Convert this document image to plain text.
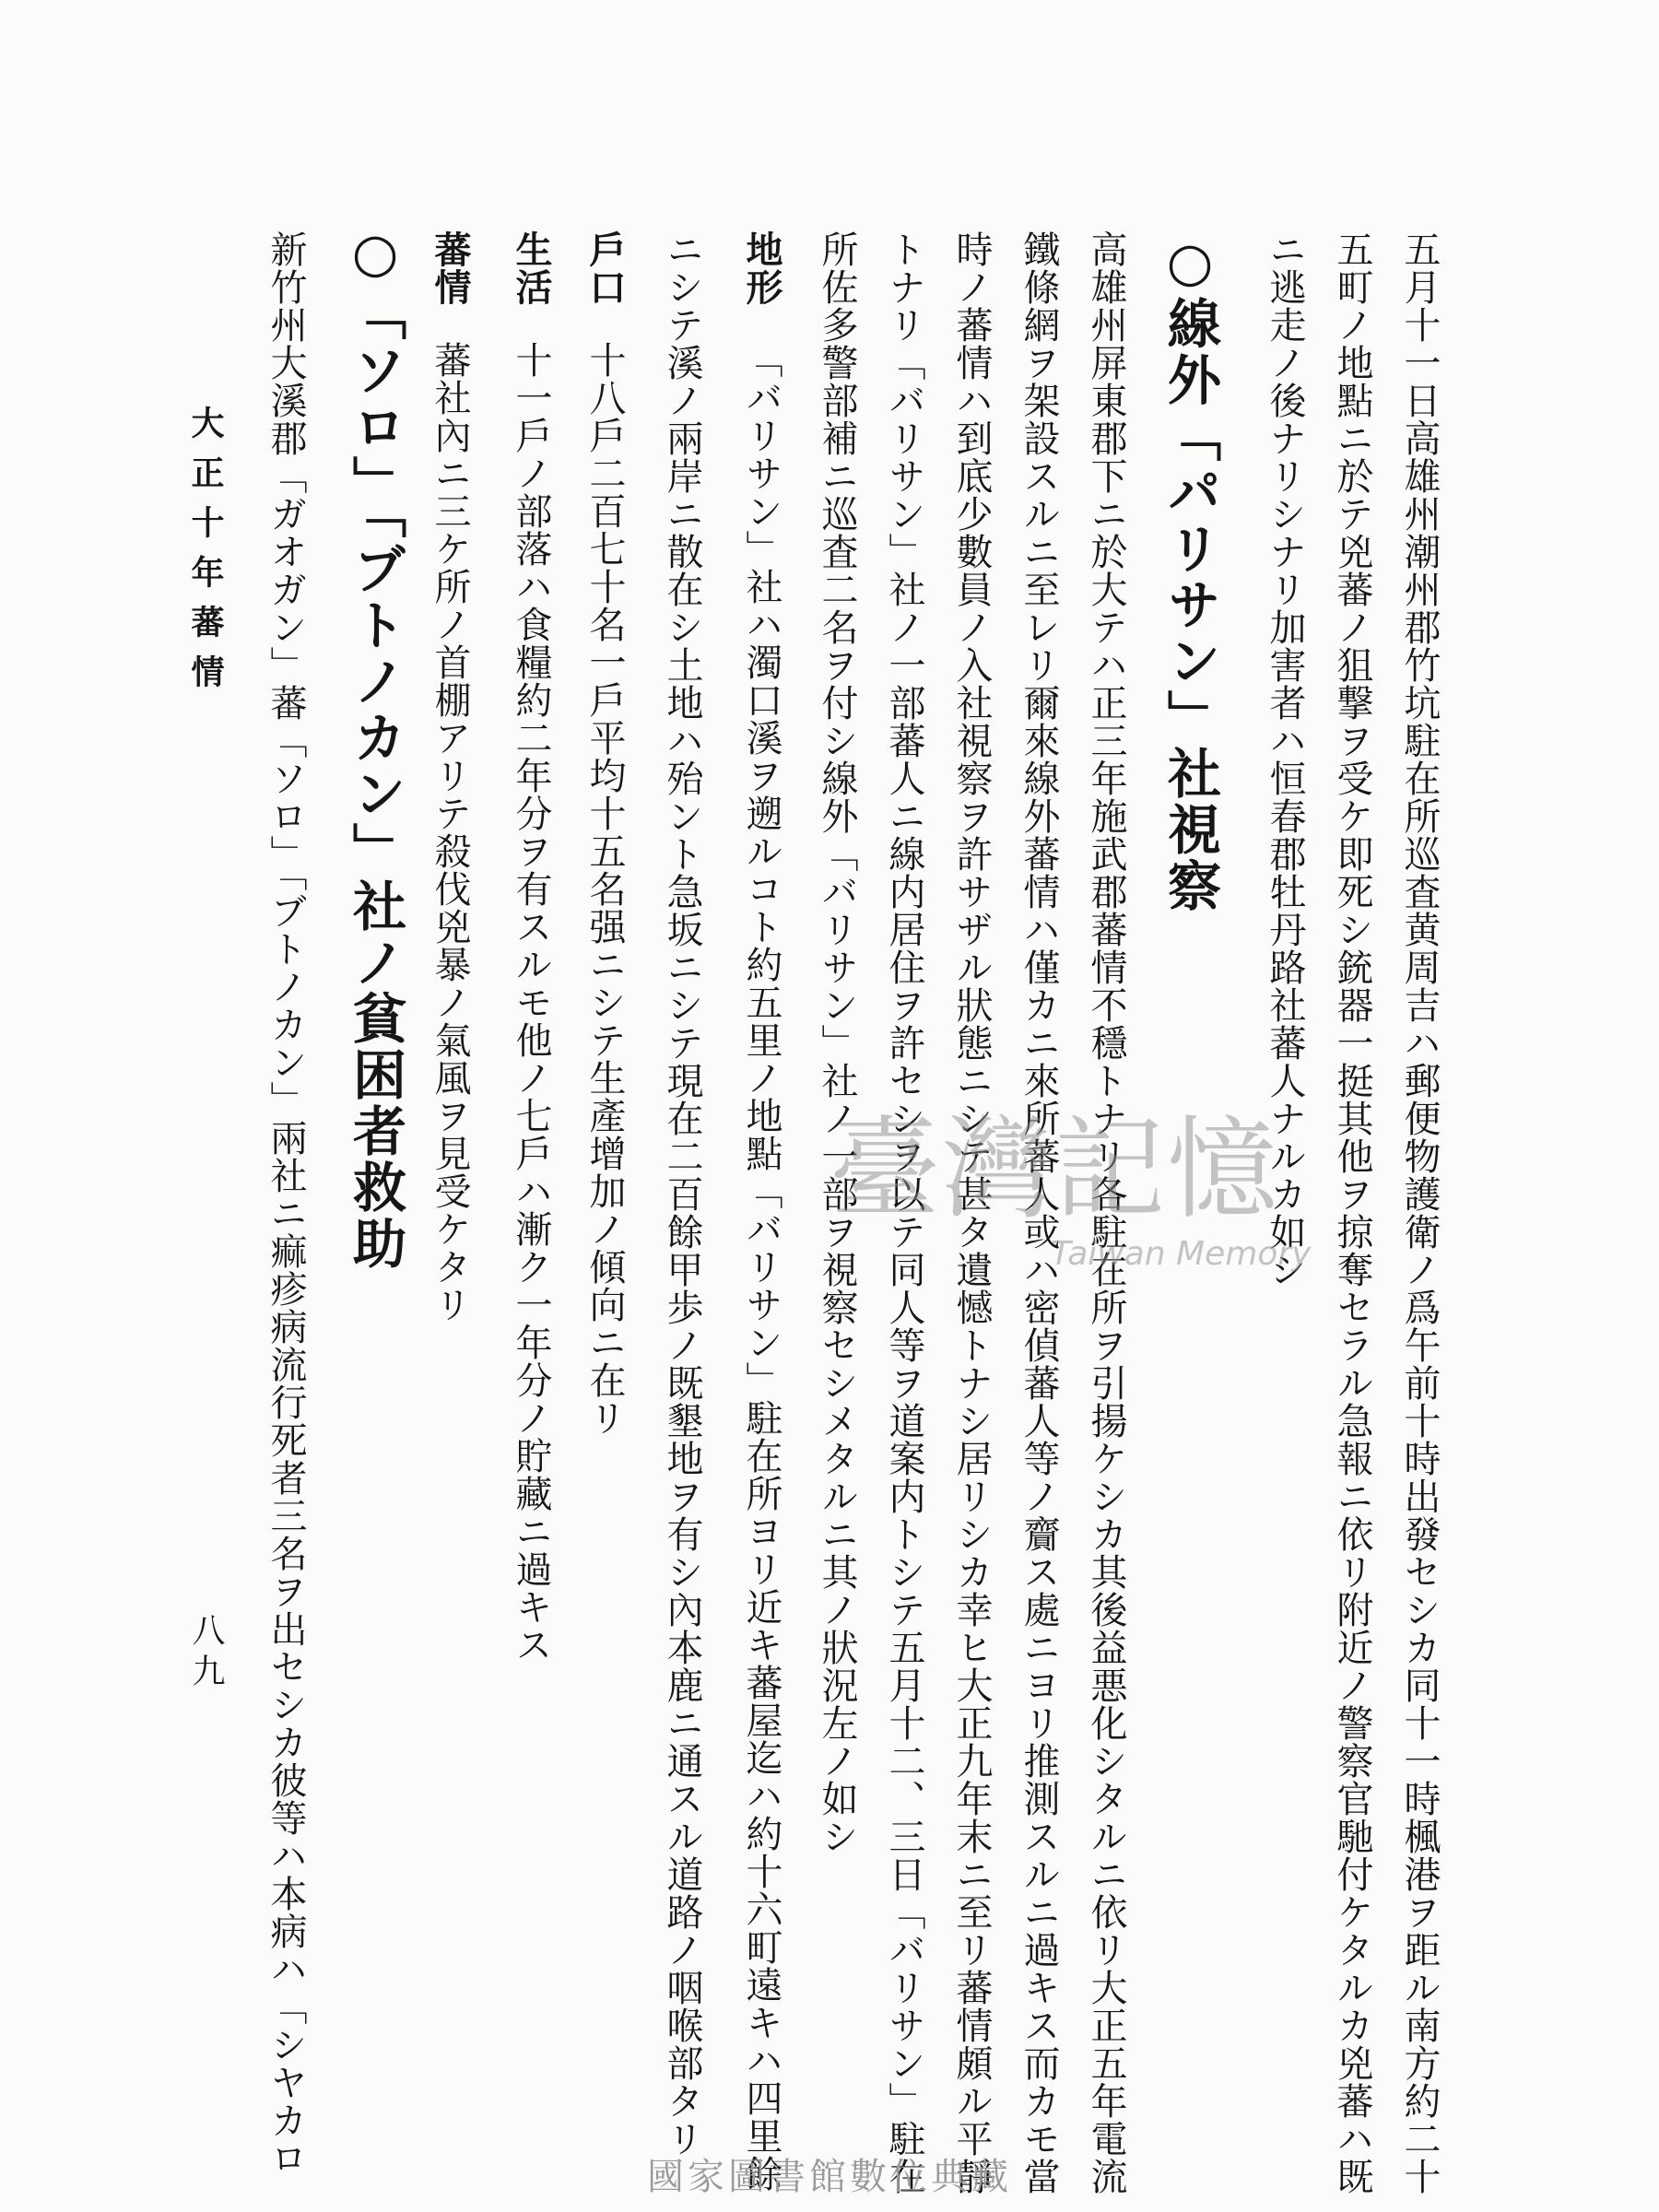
五月十一日高雄州潮州郡竹坑駐在所巡査黄周吉ハ郵便物護衛ノ爲午前十時出發セシカ同十一時楓港ヲ距ル南方約二十
五町ノ地點ニ於テ兇蕃ノ狙撃ヲ受ケ即死シ銃器一挺其他ヲ掠奪セラル急報ニ依リ附近ノ警察官馳付ケタルカ兇蕃ハ既
ニ逃走ノ後ナリシナリ加害者ハ恒春郡牡丹路社蕃人ナルカ如シ
○線外「パリサン」社視察
高雄州屏東郡下ニ於大テハ正三年施武郡蕃情不穩トナリ各駐在所ヲ引揚ケシカ其後益悪化シタルニ依リ大正五年電流
鐵條網ヲ架設スルニ至レリ爾來線外蕃情ハ僅カニ來所蕃人或ハ密偵蕃人等ノ齎ス處ニヨリ推測スルニ過キス而カモ當
時ノ蕃情ハ到底少數員ノ入社視察ヲ許サザル狀態ニシテ甚タ遺憾トナシ居リシカ幸ヒ大正九年末ニ至リ蕃情頗ル平靜
トナリ「バリサン」社ノ一部蕃人ニ線内居住ヲ許セシヲ以テ同人等ヲ道案内トシテ五月十二、三日「バリサン」駐在
所佐多警部補ニ巡査二名ヲ付シ線外「バリサン」社ノ一部ヲ視察セシメタルニ其ノ狀況左ノ如シ
地形
「バリサン」社ハ濁口溪ヲ遡ルコト約五里ノ地點「バリサン」駐在所ヨリ近キ蕃屋迄ハ約十六町遠キハ四里餘
ニシテ溪ノ兩岸ニ散在シ土地ハ殆ント急坂ニシテ現在二百餘甲歩ノ既墾地ヲ有シ內本鹿ニ通スル道路ノ咽喉部タリ
戶口
十八戶二百七十名一戶平均十五名强ニシテ生產增加ノ傾向ニ在リ
生活
十一戶ノ部落ハ食糧約二年分ヲ有スルモ他ノ七戶ハ漸ク一年分ノ貯藏ニ過キス
蕃情
蕃社內ニ三ケ所ノ首棚アリテ殺伐兇暴ノ氣風ヲ見受ケタリ
○「ソロ」「ブトノカン」社ノ貧困者救助
新竹州大溪郡「ガオガン」蕃「ソロ」「ブトノカン」兩社ニ痲疹病流行死者三名ヲ出セシカ彼等ハ本病ハ「シヤカロ
大正十年蕃情
八九
臺灣記憶
Taiwan Memory
國家圖書館數位典藏
